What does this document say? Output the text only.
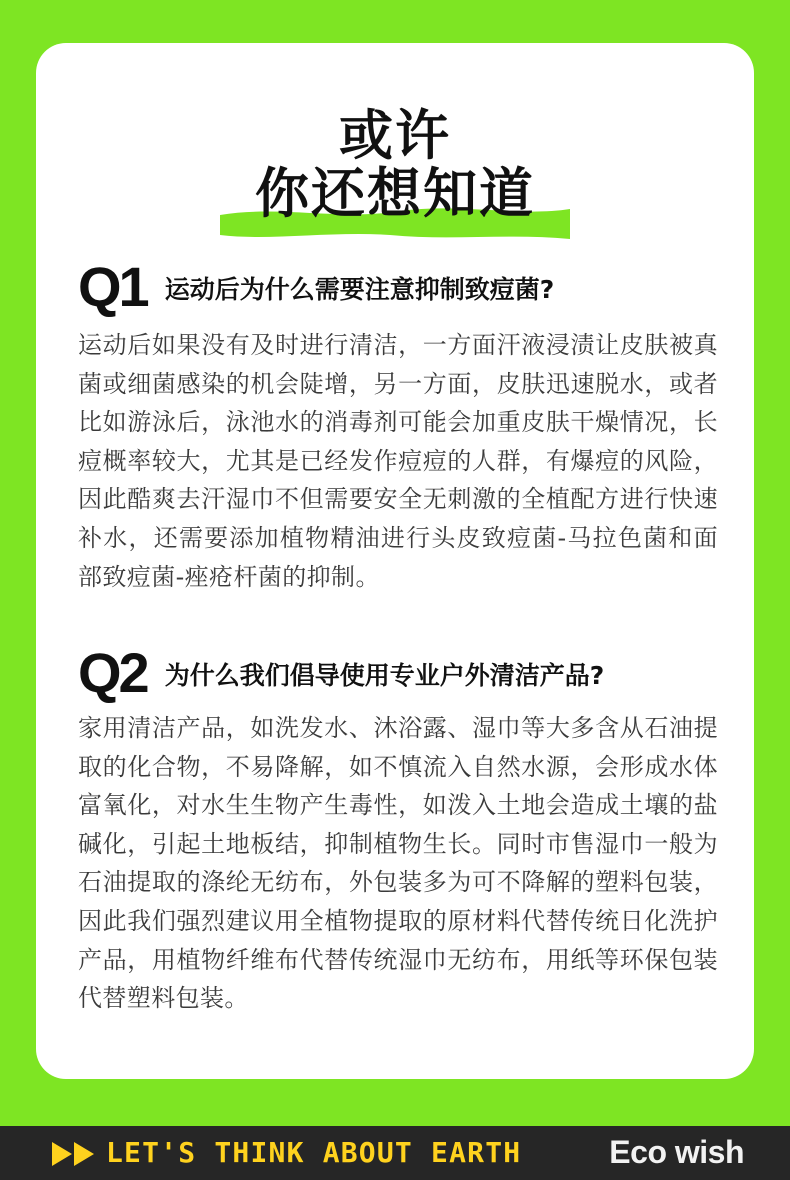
或许
你还想知道
Q1 运动后为什么需要注意抑制致痘菌?
运动后如果没有及时进行清洁，一方面汗液浸渍让皮肤被真菌或细菌感染的机会陡增，另一方面，皮肤迅速脱水，或者比如游泳后，泳池水的消毒剂可能会加重皮肤干燥情况，长痘概率较大，尤其是已经发作痘痘的人群，有爆痘的风险，因此酷爽去汗湿巾不但需要安全无刺激的全植配方进行快速补水，还需要添加植物精油进行头皮致痘菌-马拉色菌和面部致痘菌-痤疮杆菌的抑制。
Q2 为什么我们倡导使用专业户外清洁产品?
家用清洁产品，如洗发水、沐浴露、湿巾等大多含从石油提取的化合物，不易降解，如不慎流入自然水源，会形成水体富氧化，对水生生物产生毒性，如泼入土地会造成土壤的盐碱化，引起土地板结，抑制植物生长。同时市售湿巾一般为石油提取的涤纶无纺布，外包装多为可不降解的塑料包装，因此我们强烈建议用全植物提取的原材料代替传统日化洗护产品，用植物纤维布代替传统湿巾无纺布，用纸等环保包装代替塑料包装。
LET'S THINK ABOUT EARTH	Eco wish
